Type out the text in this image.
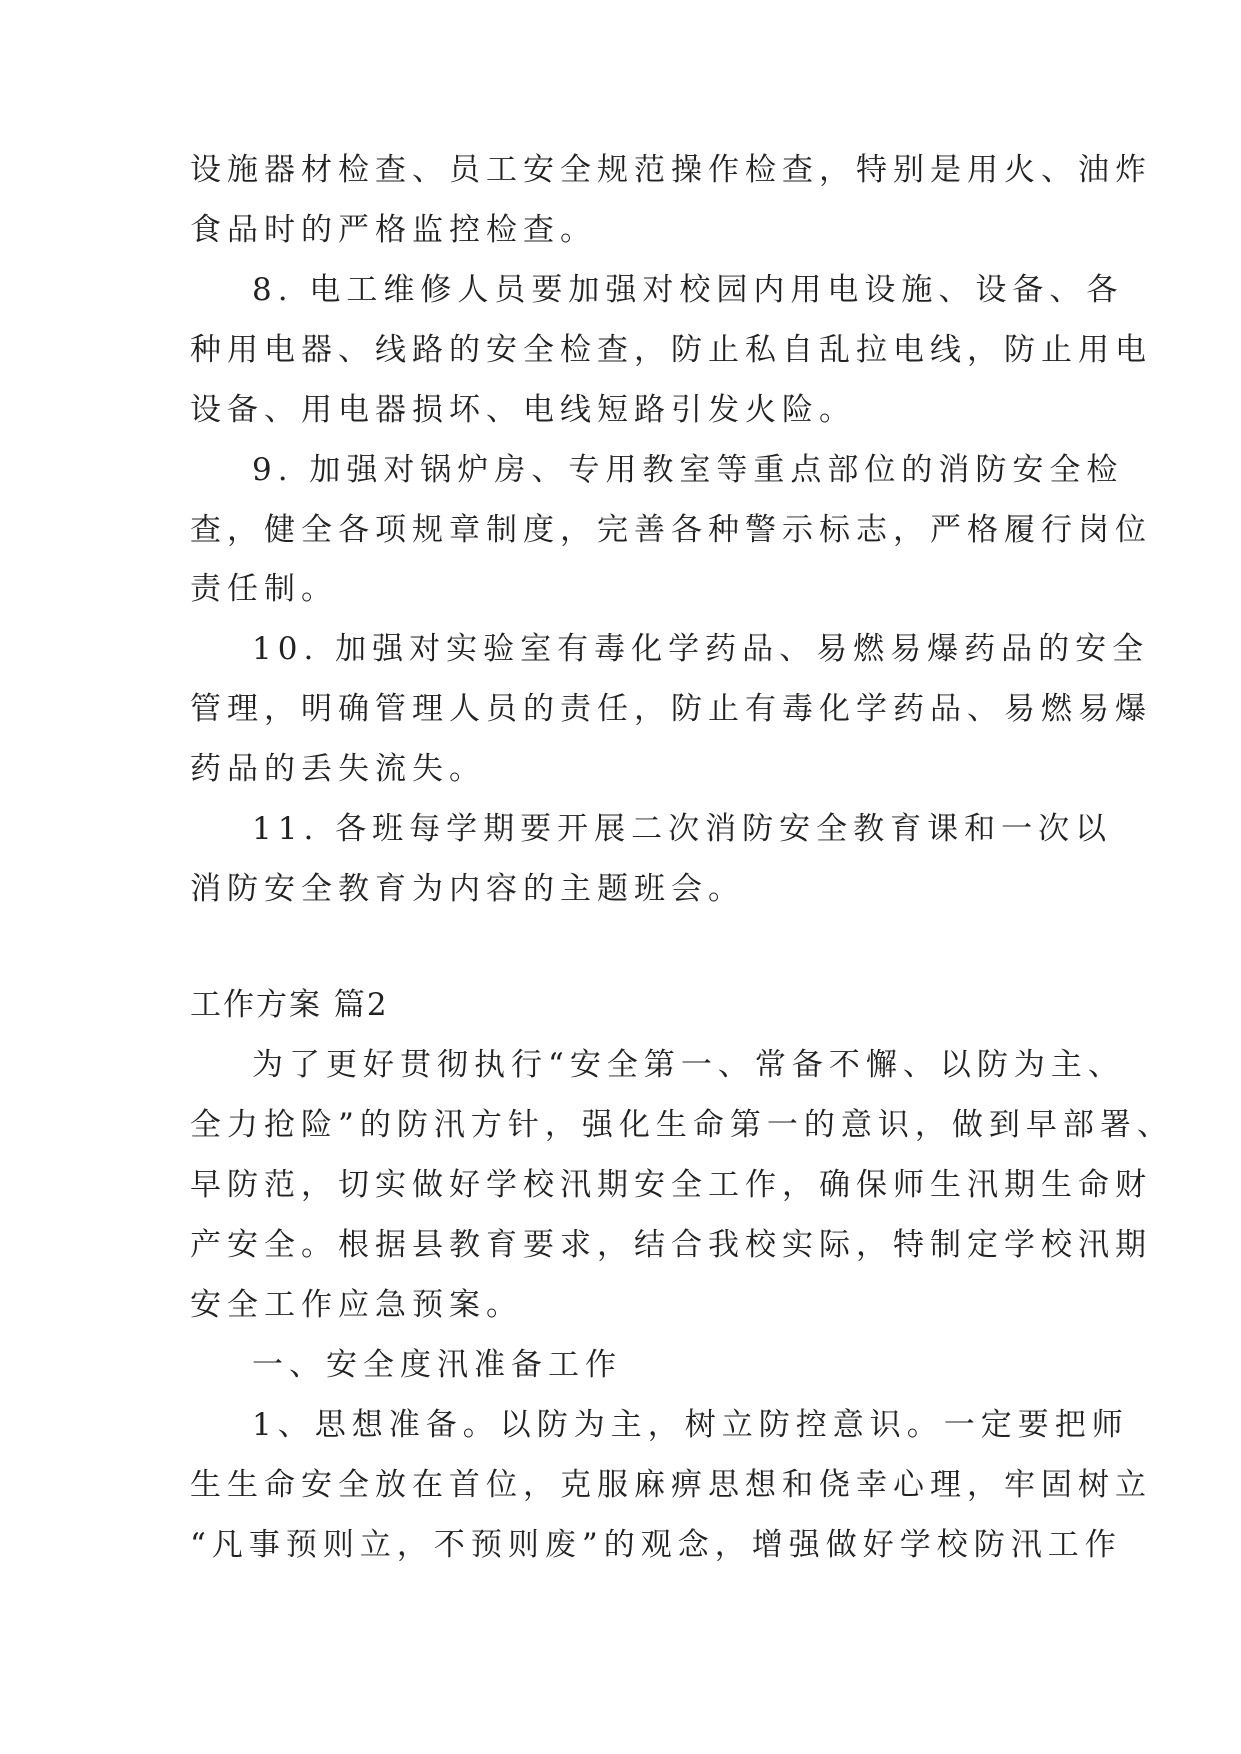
设施器材检查、员工安全规范操作检查，特别是用火、油炸
食品时的严格监控检查。
8. 电工维修人员要加强对校园内用电设施、设备、各
种用电器、线路的安全检查，防止私自乱拉电线，防止用电
设备、用电器损坏、电线短路引发火险。
9. 加强对锅炉房、专用教室等重点部位的消防安全检
查，健全各项规章制度，完善各种警示标志，严格履行岗位
责任制。
10. 加强对实验室有毒化学药品、易燃易爆药品的安全
管理，明确管理人员的责任，防止有毒化学药品、易燃易爆
药品的丢失流失。
11. 各班每学期要开展二次消防安全教育课和一次以
消防安全教育为内容的主题班会。
工作方案 篇2
为了更好贯彻执行“安全第一、常备不懈、以防为主、
全力抢险”的防汛方针，强化生命第一的意识，做到早部署、
早防范，切实做好学校汛期安全工作，确保师生汛期生命财
产安全。根据县教育要求，结合我校实际，特制定学校汛期
安全工作应急预案。
一、安全度汛准备工作
1、思想准备。以防为主，树立防控意识。一定要把师
生生命安全放在首位，克服麻痹思想和侥幸心理，牢固树立
“凡事预则立，不预则废”的观念，增强做好学校防汛工作
